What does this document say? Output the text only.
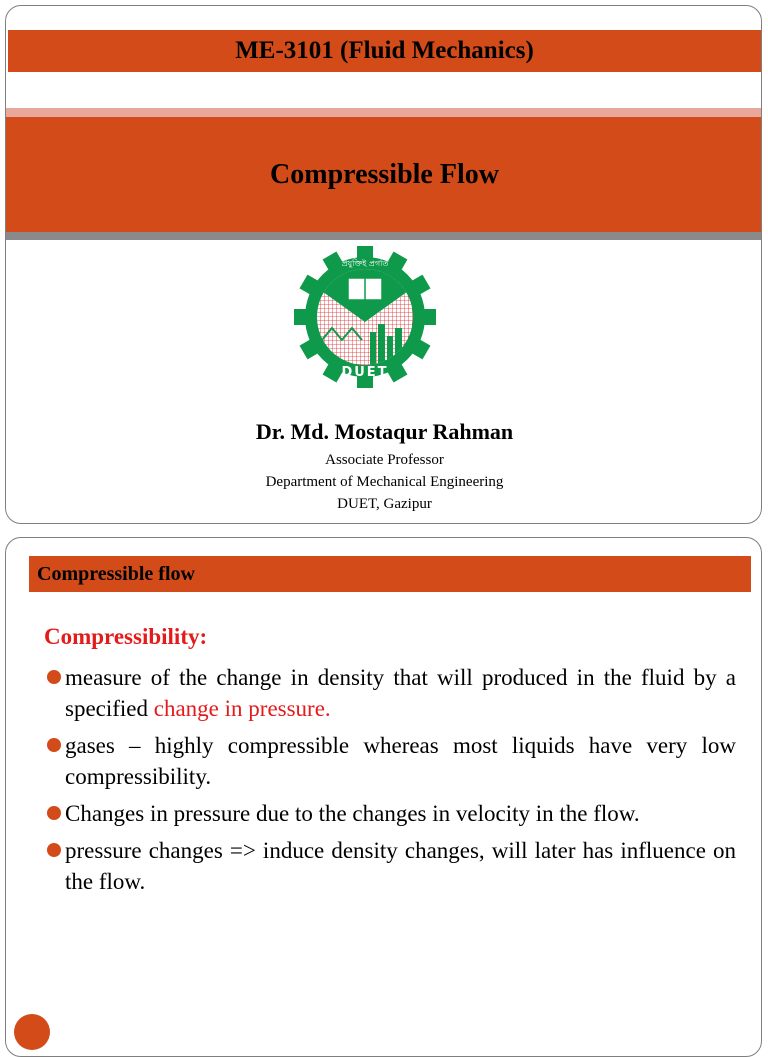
ME-3101 (Fluid Mechanics)
Compressible Flow
DUET
প্রযুক্তিই প্রগতি
Dr. Md. Mostaqur Rahman
Associate Professor
Department of Mechanical Engineering
DUET, Gazipur
Compressible flow
Compressibility:
measure of the change in density that will produced in the fluid by a specified change in pressure.
gases – highly compressible whereas most liquids have very low compressibility.
Changes in pressure due to the changes in velocity in the flow.
pressure changes => induce density changes, will later has influence on the flow.
